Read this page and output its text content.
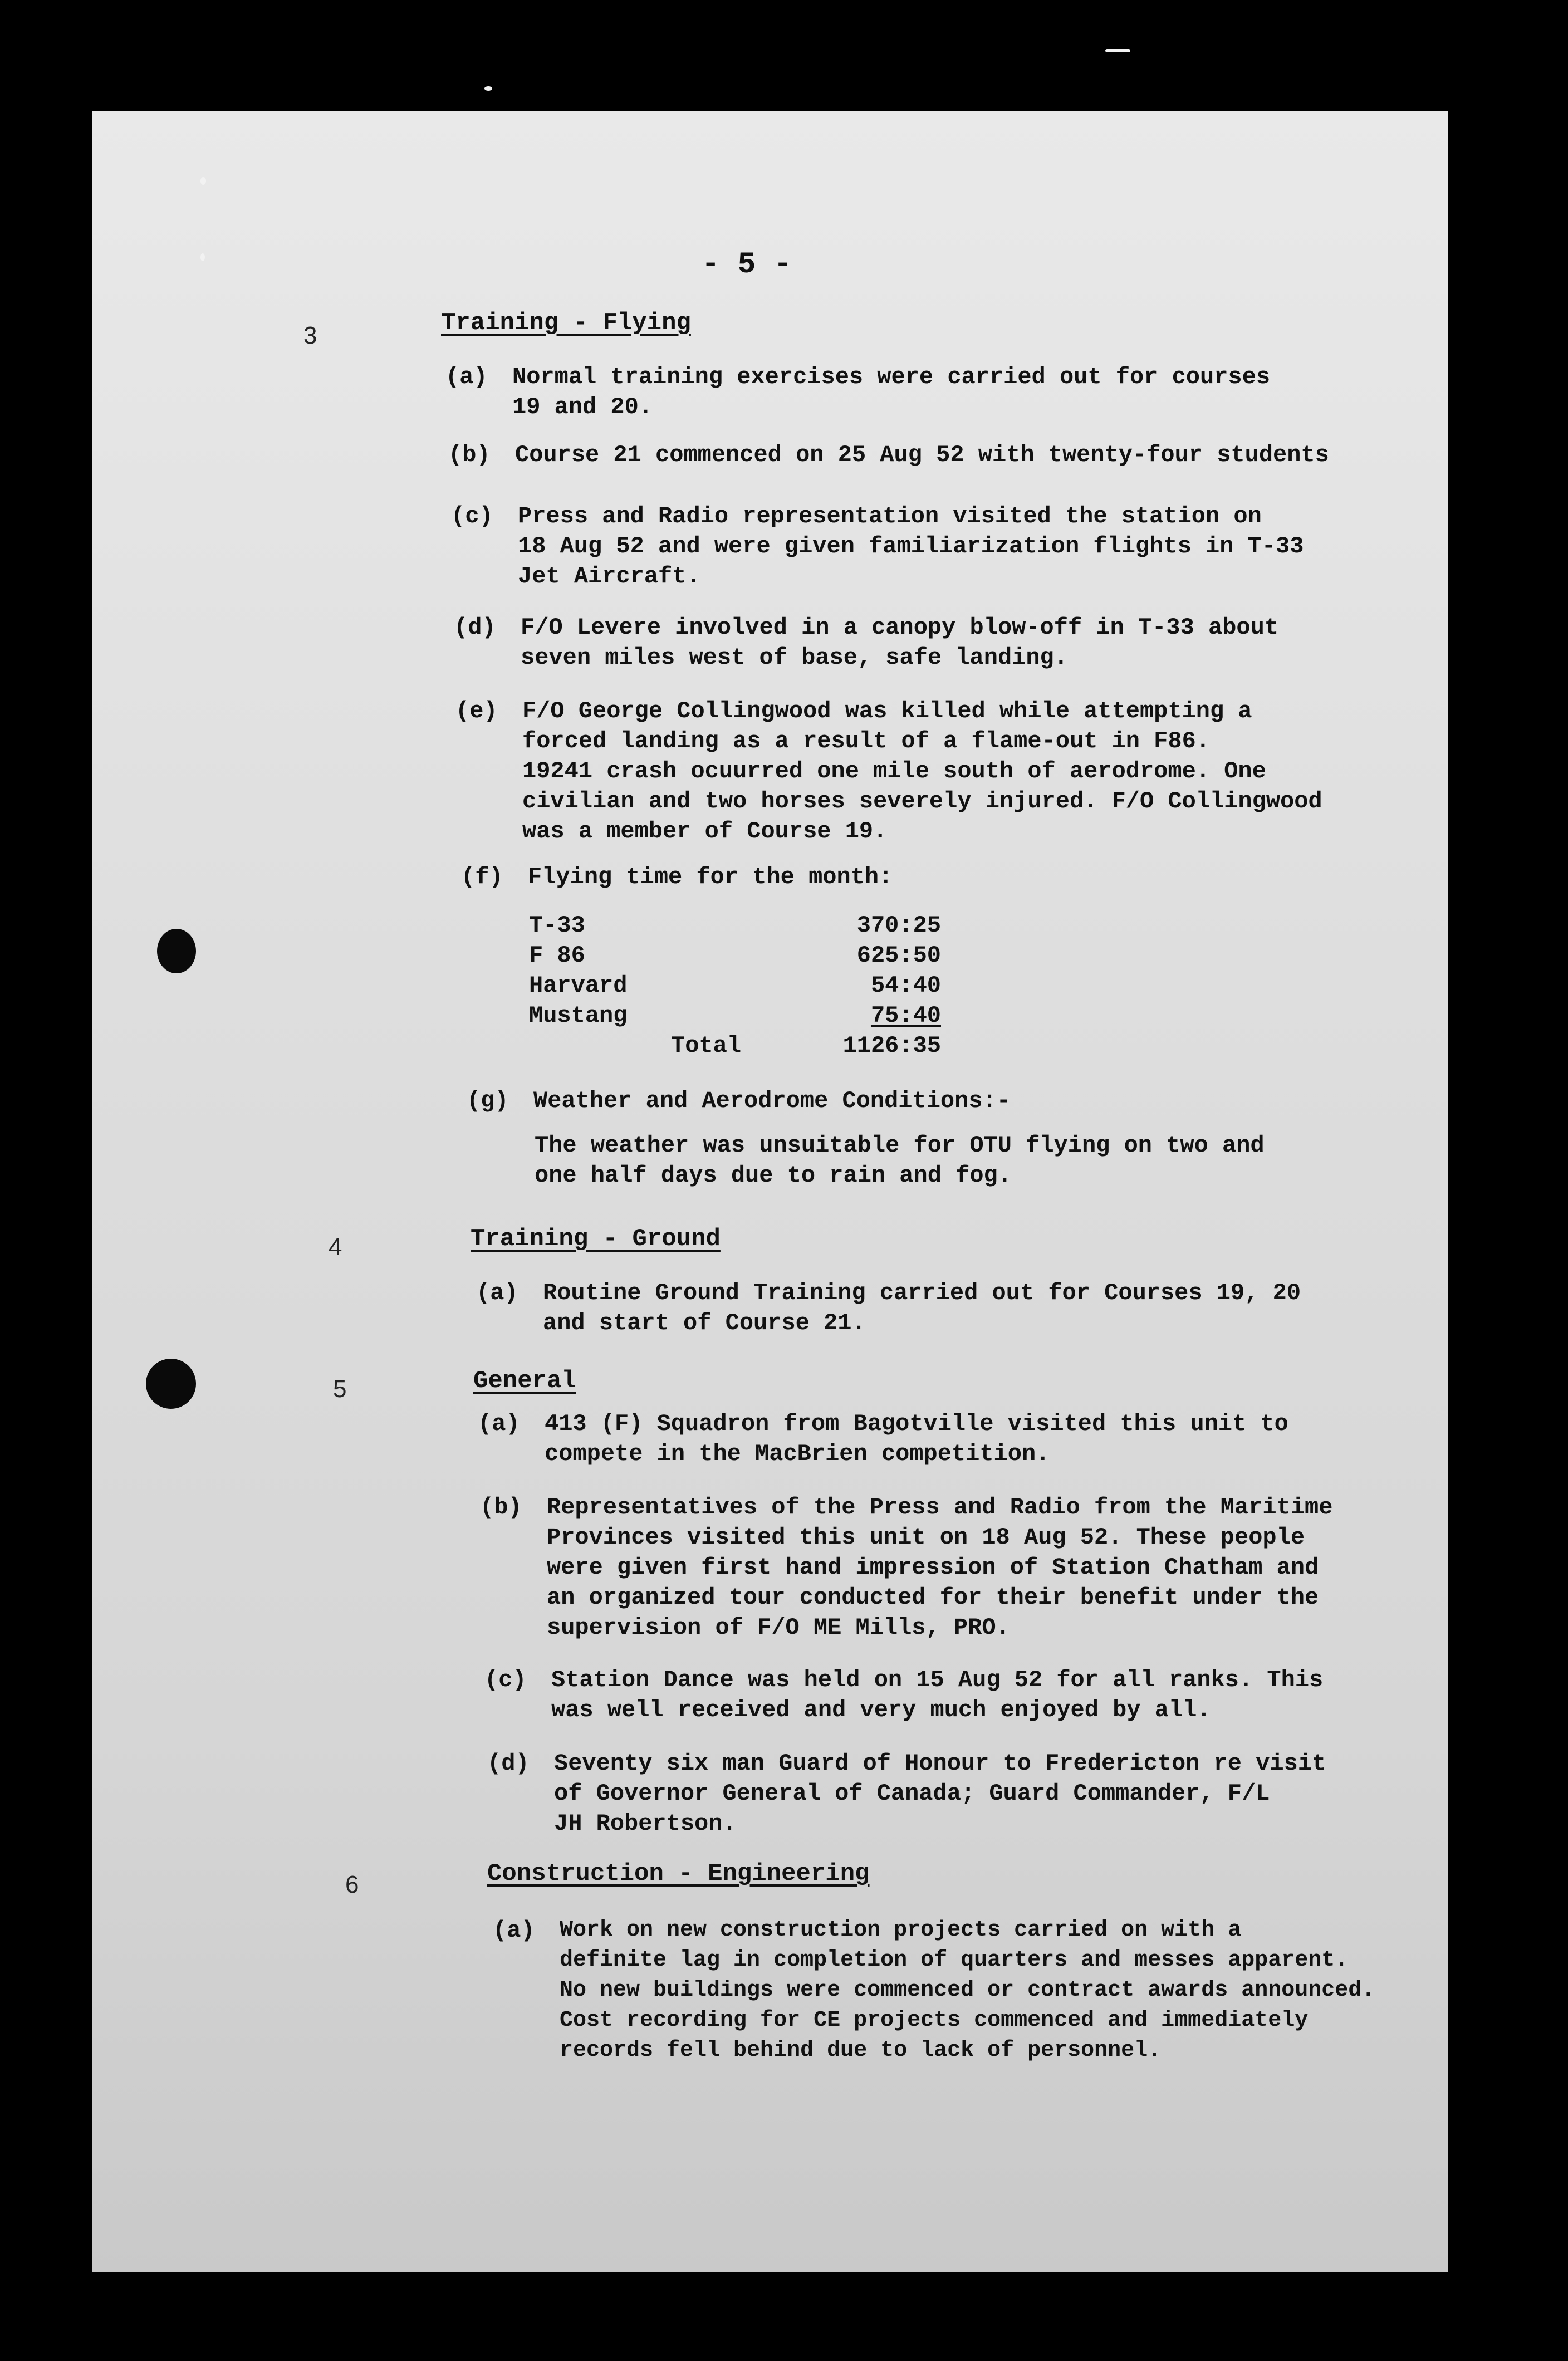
- 5 -
3	Training - Flying
(a) Normal training exercises were carried out for courses
19 and 20.
(b) Course 21 commenced on 25 Aug 52 with twenty-four students
(c) Press and Radio representation visited the station on
18 Aug 52 and were given familiarization flights in T-33
Jet Aircraft.
(d) F/O Levere involved in a canopy blow-off in T-33 about
seven miles west of base, safe landing.
(e) F/O George Collingwood was killed while attempting a
forced landing as a result of a flame-out in F86.
19241 crash ocuurred one mile south of aerodrome. One
civilian and two horses severely injured. F/O Collingwood
was a member of Course 19.
(f) Flying time for the month:
T-33	370:25
F 86	625:50
Harvard	54:40
Mustang	75:40
Total	1126:35
(g) Weather and Aerodrome Conditions:-
The weather was unsuitable for OTU flying on two and
one half days due to rain and fog.
4	Training - Ground
(a) Routine Ground Training carried out for Courses 19, 20
and start of Course 21.
5	General
(a) 413 (F) Squadron from Bagotville visited this unit to
compete in the MacBrien competition.
(b) Representatives of the Press and Radio from the Maritime
Provinces visited this unit on 18 Aug 52. These people
were given first hand impression of Station Chatham and
an organized tour conducted for their benefit under the
supervision of F/O ME Mills, PRO.
(c) Station Dance was held on 15 Aug 52 for all ranks. This
was well received and very much enjoyed by all.
(d) Seventy six man Guard of Honour to Fredericton re visit
of Governor General of Canada; Guard Commander, F/L
JH Robertson.
6	Construction - Engineering
(a) Work on new construction projects carried on with a
definite lag in completion of quarters and messes apparent.
No new buildings were commenced or contract awards announced.
Cost recording for CE projects commenced and immediately
records fell behind due to lack of personnel.
